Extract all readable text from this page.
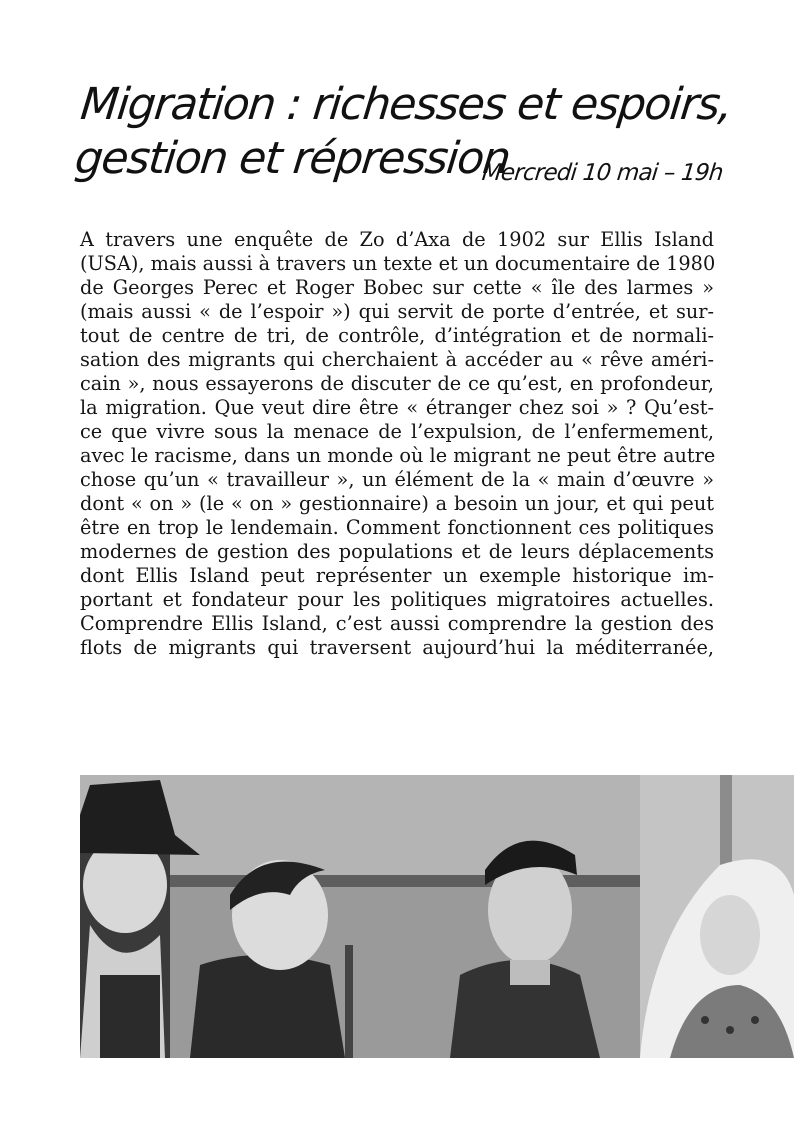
Migration : richesses et espoirs,
gestion et répression
Mercredi 10 mai – 19h
A travers une enquête de Zo d’Axa de 1902 sur Ellis Island
(USA), mais aussi à travers un texte et un documentaire de 1980
de Georges Perec et Roger Bobec sur cette « île des larmes »
(mais aussi « de l’espoir ») qui servit de porte d’entrée, et sur-
tout de centre de tri, de contrôle, d’intégration et de normali-
sation des migrants qui cherchaient à accéder au « rêve améri-
cain », nous essayerons de discuter de ce qu’est, en profondeur,
la migration. Que veut dire être « étranger chez soi » ? Qu’est-
ce que vivre sous la menace de l’expulsion, de l’enfermement,
avec le racisme, dans un monde où le migrant ne peut être autre
chose qu’un « travailleur », un élément de la « main d’œuvre »
dont « on » (le « on » gestionnaire) a besoin un jour, et qui peut
être en trop le lendemain. Comment fonctionnent ces politiques
modernes de gestion des populations et de leurs déplacements
dont Ellis Island peut représenter un exemple historique im-
portant et fondateur pour les politiques migratoires actuelles.
Comprendre Ellis Island, c’est aussi comprendre la gestion des
flots de migrants qui traversent aujourd’hui la méditerranée,
